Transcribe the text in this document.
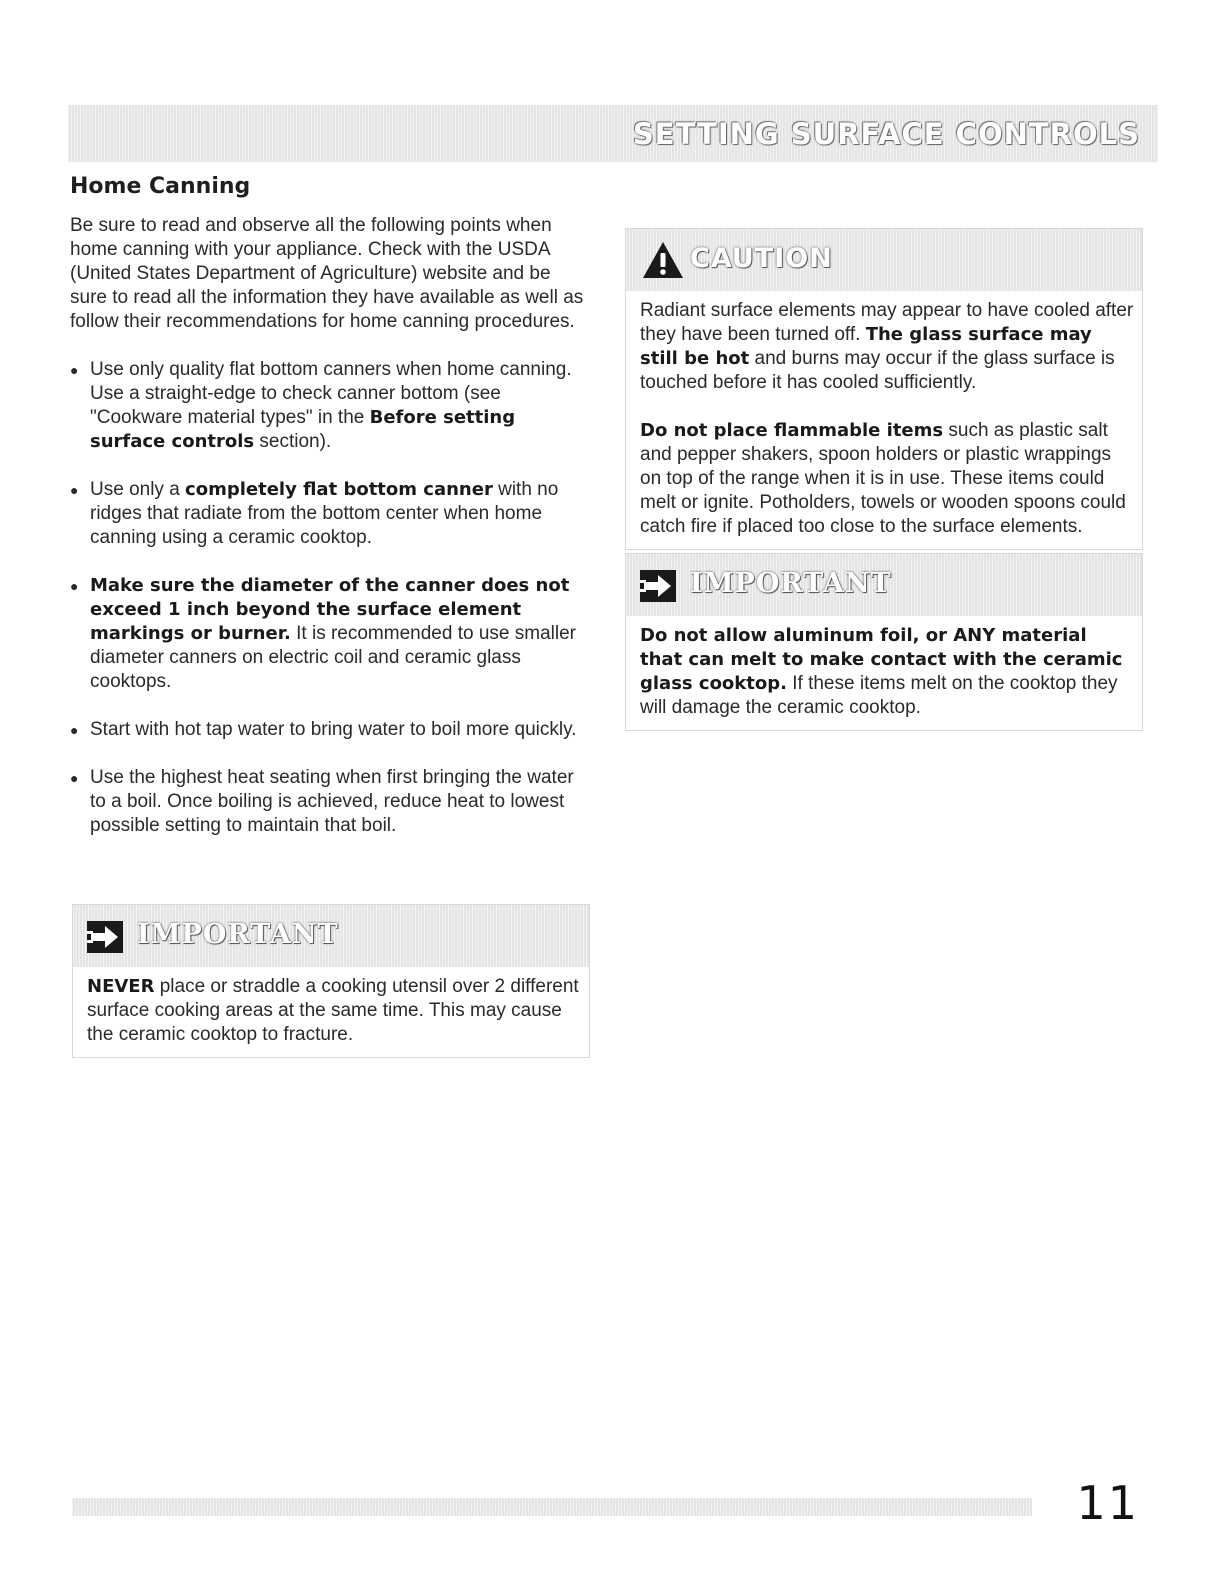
SETTING SURFACE CONTROLS
Home Canning

Be sure to read and observe all the following points when home canning with your appliance. Check with the USDA (United States Department of Agriculture) website and be sure to read all the information they have available as well as follow their recommendations for home canning procedures.

● Use only quality flat bottom canners when home canning. Use a straight-edge to check canner bottom (see "Cookware material types" in the Before setting surface controls section).
● Use only a completely flat bottom canner with no ridges that radiate from the bottom center when home canning using a ceramic cooktop.
● Make sure the diameter of the canner does not exceed 1 inch beyond the surface element markings or burner. It is recommended to use smaller diameter canners on electric coil and ceramic glass cooktops.
● Start with hot tap water to bring water to boil more quickly.
● Use the highest heat seating when first bringing the water to a boil. Once boiling is achieved, reduce heat to lowest possible setting to maintain that boil.
IMPORTANT
NEVER place or straddle a cooking utensil over 2 different surface cooking areas at the same time. This may cause the ceramic cooktop to fracture.
CAUTION

Radiant surface elements may appear to have cooled after they have been turned off. The glass surface may still be hot and burns may occur if the glass surface is touched before it has cooled sufficiently.

Do not place flammable items such as plastic salt and pepper shakers, spoon holders or plastic wrappings on top of the range when it is in use. These items could melt or ignite. Potholders, towels or wooden spoons could catch fire if placed too close to the surface elements.

IMPORTANT
Do not allow aluminum foil, or ANY material that can melt to make contact with the ceramic glass cooktop. If these items melt on the cooktop they will damage the ceramic cooktop.
11
